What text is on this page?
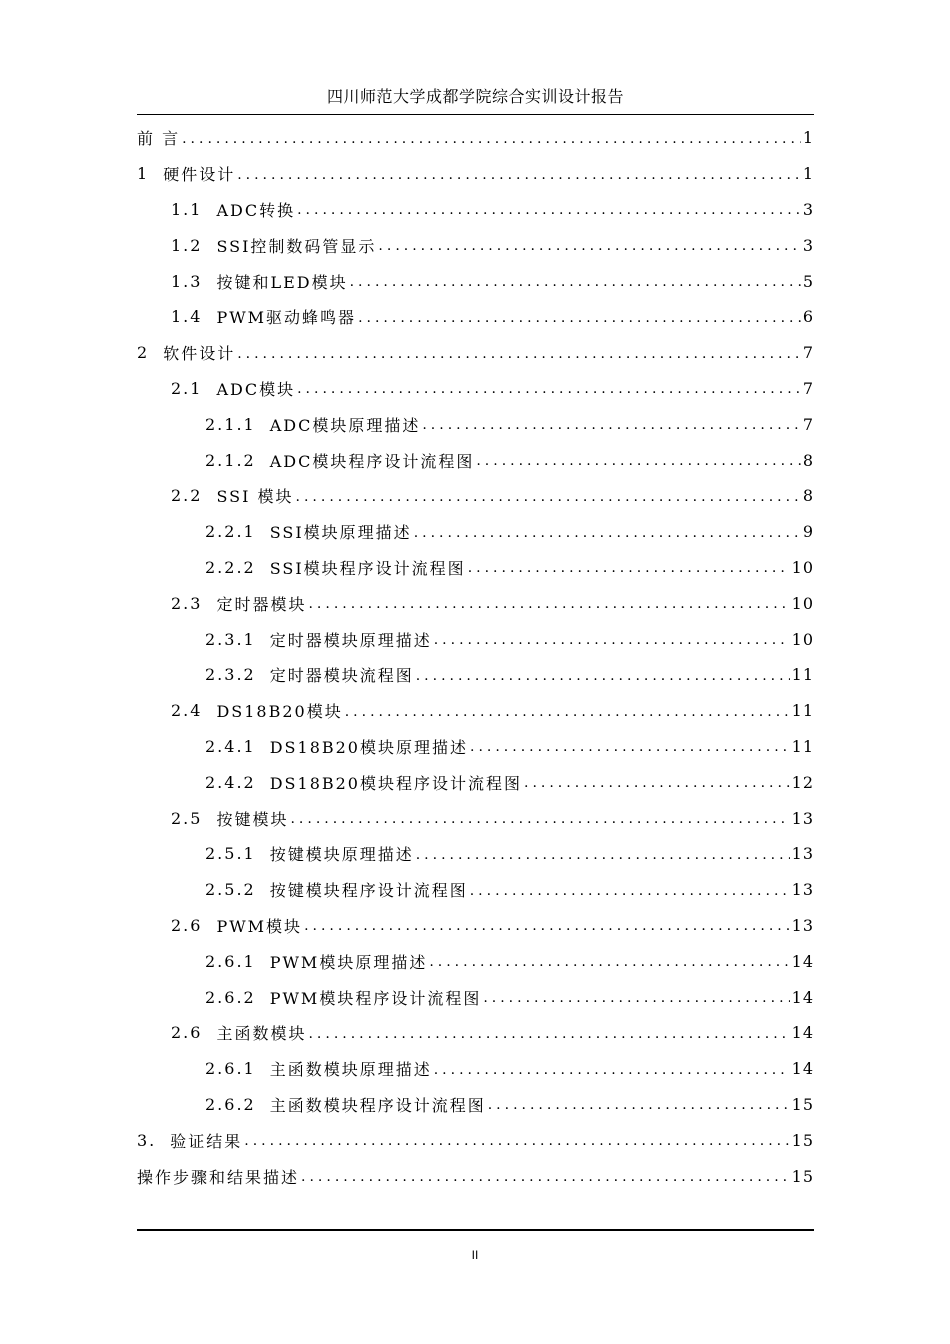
四川师范大学成都学院综合实训设计报告
前 言 .....	1
1 硬件设计 .....	1
1.1 ADC转换 .....	3
1.2 SSI控制数码管显示 .....	3
1.3 按键和LED模块 .....	5
1.4 PWM驱动蜂鸣器 .....	6
2 软件设计 .....	7
2.1 ADC模块 .....	7
2.1.1 ADC模块原理描述 .....	7
2.1.2 ADC模块程序设计流程图 .....	8
2.2 SSI 模块 .....	8
2.2.1 SSI模块原理描述 .....	9
2.2.2 SSI模块程序设计流程图 .....	10
2.3 定时器模块 .....	10
2.3.1 定时器模块原理描述 .....	10
2.3.2 定时器模块流程图 .....	11
2.4 DS18B20模块 .....	11
2.4.1 DS18B20模块原理描述 .....	11
2.4.2 DS18B20模块程序设计流程图 .....	12
2.5 按键模块 .....	13
2.5.1 按键模块原理描述 .....	13
2.5.2 按键模块程序设计流程图 .....	13
2.6 PWM模块 .....	13
2.6.1 PWM模块原理描述 .....	14
2.6.2 PWM模块程序设计流程图 .....	14
2.6 主函数模块 .....	14
2.6.1 主函数模块原理描述 .....	14
2.6.2 主函数模块程序设计流程图 .....	15
3. 验证结果 .....	15
操作步骤和结果描述 .....	15
II
